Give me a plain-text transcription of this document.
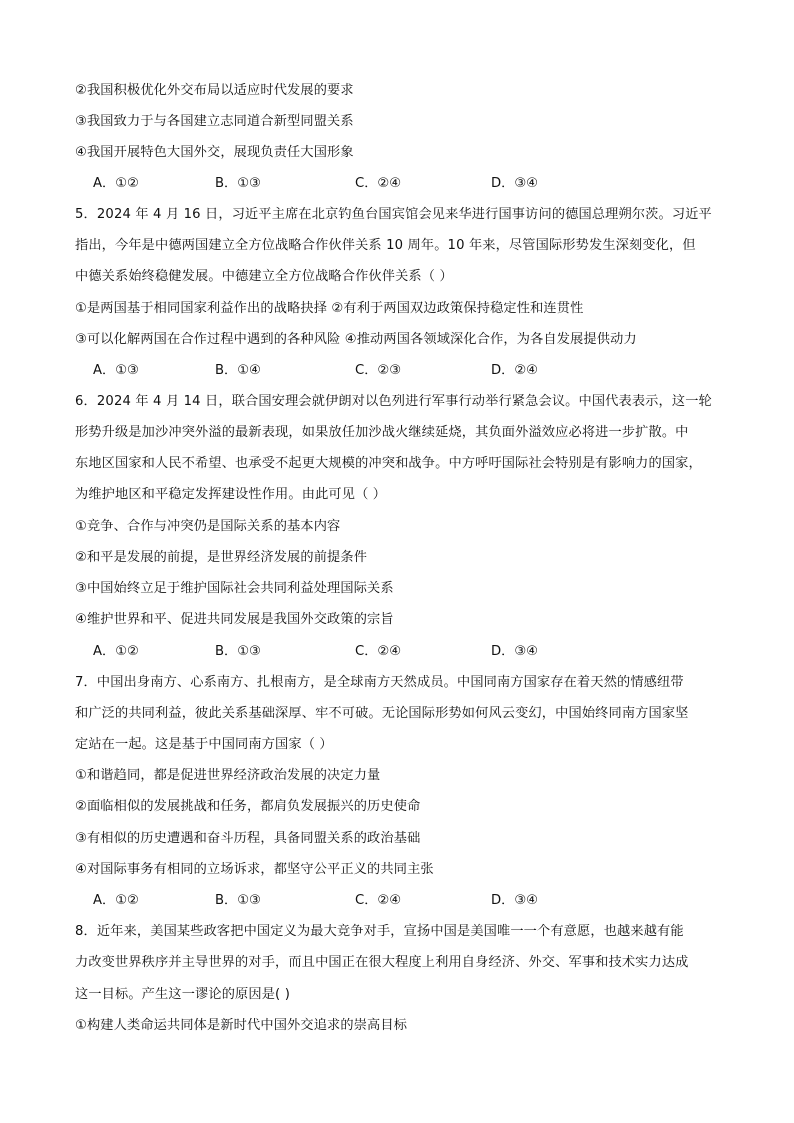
②我国积极优化外交布局以适应时代发展的要求
③我国致力于与各国建立志同道合新型同盟关系
④我国开展特色大国外交，展现负责任大国形象
A．①②	B．①③	C．②④	D．③④
5．2024 年 4 月 16 日，习近平主席在北京钓鱼台国宾馆会见来华进行国事访问的德国总理朔尔茨。习近平
指出，今年是中德两国建立全方位战略合作伙伴关系 10 周年。10 年来，尽管国际形势发生深刻变化，但
中德关系始终稳健发展。中德建立全方位战略合作伙伴关系（ ）
①是两国基于相同国家利益作出的战略抉择 ②有利于两国双边政策保持稳定性和连贯性
③可以化解两国在合作过程中遇到的各种风险 ④推动两国各领域深化合作，为各自发展提供动力
A．①③	B．①④	C．②③	D．②④
6．2024 年 4 月 14 日，联合国安理会就伊朗对以色列进行军事行动举行紧急会议。中国代表表示，这一轮
形势升级是加沙冲突外溢的最新表现，如果放任加沙战火继续延烧，其负面外溢效应必将进一步扩散。中
东地区国家和人民不希望、也承受不起更大规模的冲突和战争。中方呼吁国际社会特别是有影响力的国家，
为维护地区和平稳定发挥建设性作用。由此可见（ ）
①竞争、合作与冲突仍是国际关系的基本内容
②和平是发展的前提，是世界经济发展的前提条件
③中国始终立足于维护国际社会共同利益处理国际关系
④维护世界和平、促进共同发展是我国外交政策的宗旨
A．①②	B．①③	C．②④	D．③④
7．中国出身南方、心系南方、扎根南方，是全球南方天然成员。中国同南方国家存在着天然的情感纽带
和广泛的共同利益，彼此关系基础深厚、牢不可破。无论国际形势如何风云变幻，中国始终同南方国家坚
定站在一起。这是基于中国同南方国家（ ）
①和谐趋同，都是促进世界经济政治发展的决定力量
②面临相似的发展挑战和任务，都肩负发展振兴的历史使命
③有相似的历史遭遇和奋斗历程，具备同盟关系的政治基础
④对国际事务有相同的立场诉求，都坚守公平正义的共同主张
A．①②	B．①③	C．②④	D．③④
8．近年来，美国某些政客把中国定义为最大竞争对手，宣扬中国是美国唯一一个有意愿，也越来越有能
力改变世界秩序并主导世界的对手，而且中国正在很大程度上利用自身经济、外交、军事和技术实力达成
这一目标。产生这一谬论的原因是( )
①构建人类命运共同体是新时代中国外交追求的崇高目标
